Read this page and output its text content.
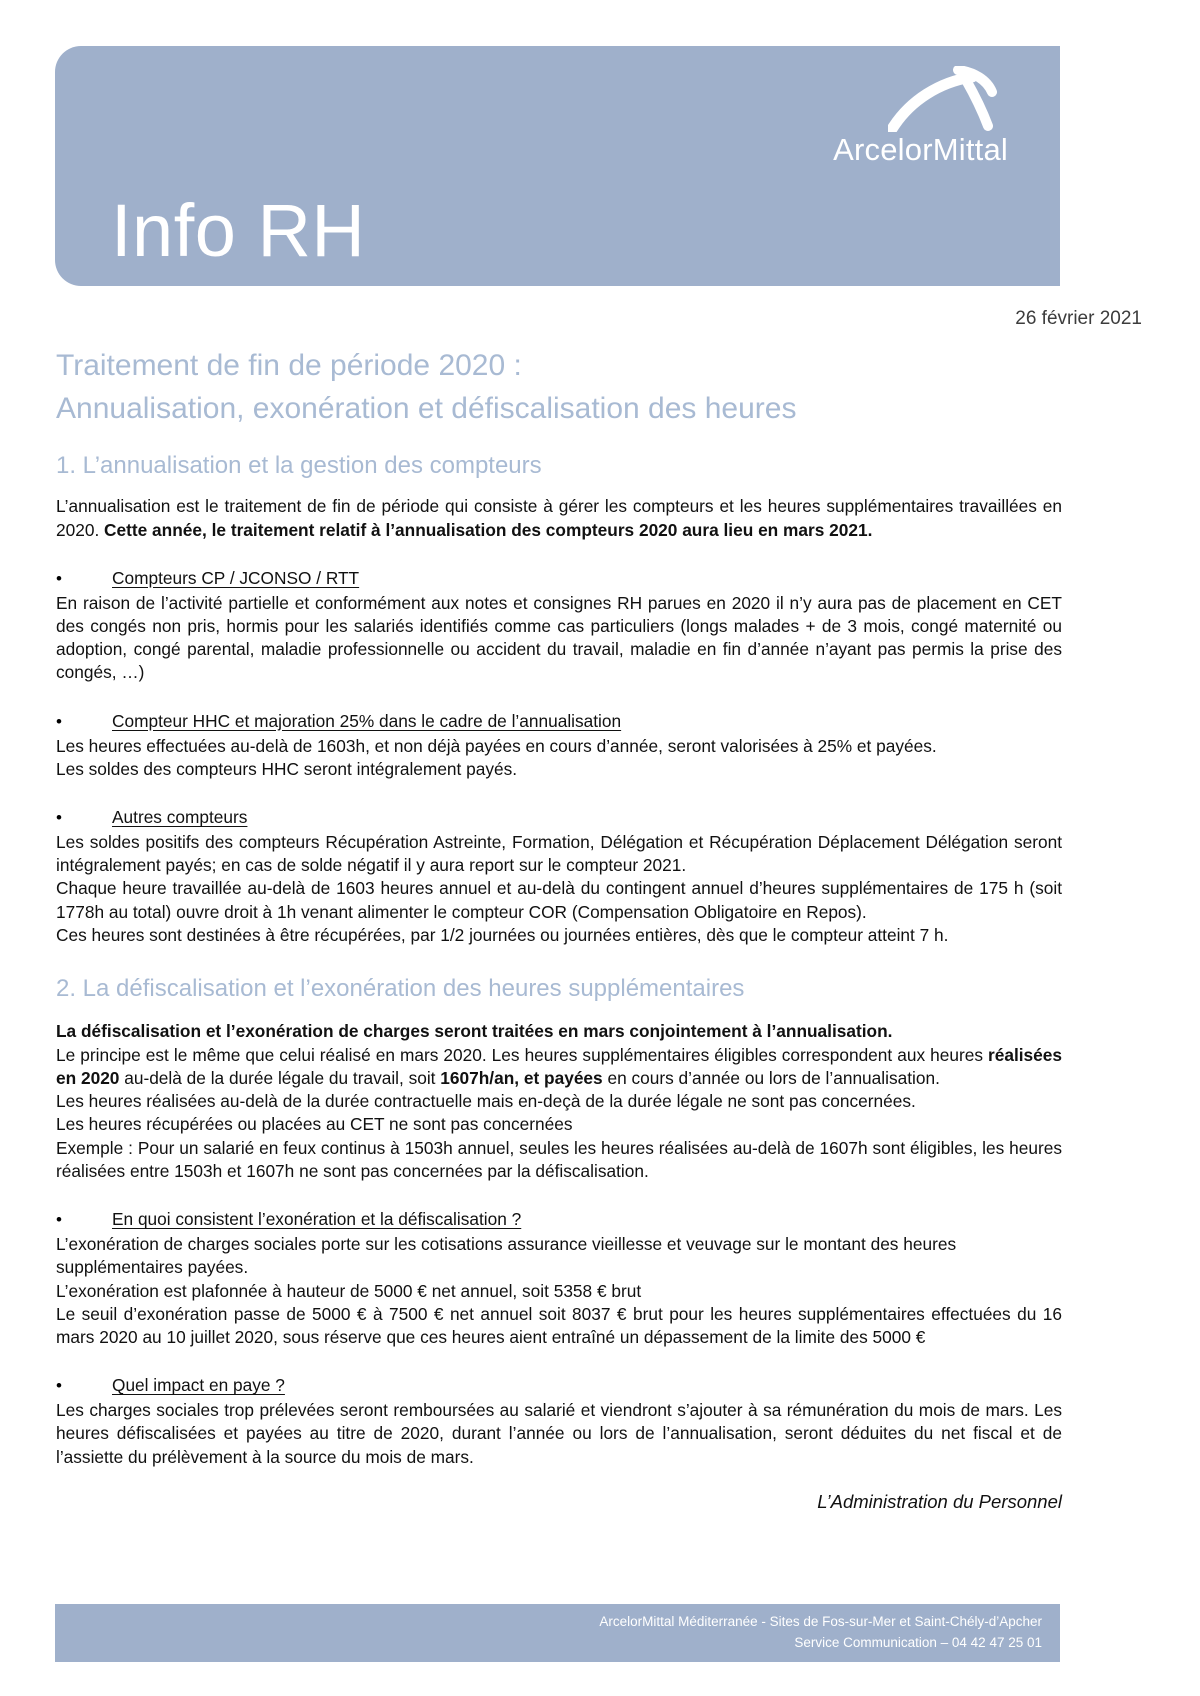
Info RH
ArcelorMittal
26 février 2021
Traitement de fin de période 2020 :
Annualisation, exonération et défiscalisation des heures
1. L’annualisation et la gestion des compteurs

L’annualisation est le traitement de fin de période qui consiste à gérer les compteurs et les heures supplémentaires travaillées en 2020. Cette année, le traitement relatif à l’annualisation des compteurs 2020 aura lieu en mars 2021.

•	Compteurs CP / JCONSO / RTT

En raison de l’activité partielle et conformément aux notes et consignes RH parues en 2020 il n’y aura pas de placement en CET des congés non pris, hormis pour les salariés identifiés comme cas particuliers (longs malades + de 3 mois, congé maternité ou adoption, congé parental, maladie professionnelle ou accident du travail, maladie en fin d’année n’ayant pas permis la prise des congés, …)

•	Compteur HHC et majoration 25% dans le cadre de l’annualisation

Les heures effectuées au-delà de 1603h, et non déjà payées en cours d’année, seront valorisées à 25% et payées.

Les soldes des compteurs HHC seront intégralement payés.

•	Autres compteurs

Les soldes positifs des compteurs Récupération Astreinte, Formation, Délégation et Récupération Déplacement Délégation seront intégralement payés; en cas de solde négatif il y aura report sur le compteur 2021.

Chaque heure travaillée au-delà de 1603 heures annuel et au-delà du contingent annuel d’heures supplémentaires de 175 h (soit 1778h au total) ouvre droit à 1h venant alimenter le compteur COR (Compensation Obligatoire en Repos).

Ces heures sont destinées à être récupérées, par 1/2 journées ou journées entières, dès que le compteur atteint 7 h.

2. La défiscalisation et l’exonération des heures supplémentaires

La défiscalisation et l’exonération de charges seront traitées en mars conjointement à l’annualisation.

Le principe est le même que celui réalisé en mars 2020. Les heures supplémentaires éligibles correspondent aux heures réalisées en 2020 au-delà de la durée légale du travail, soit 1607h/an, et payées en cours d’année ou lors de l’annualisation.

Les heures réalisées au-delà de la durée contractuelle mais en-deçà de la durée légale ne sont pas concernées.

Les heures récupérées ou placées au CET ne sont pas concernées

Exemple : Pour un salarié en feux continus à 1503h annuel, seules les heures réalisées au-delà de 1607h sont éligibles, les heures réalisées entre 1503h et 1607h ne sont pas concernées par la défiscalisation.

•	En quoi consistent l’exonération et la défiscalisation ?

L’exonération de charges sociales porte sur les cotisations assurance vieillesse et veuvage sur le montant des heures supplémentaires payées.

L’exonération est plafonnée à hauteur de 5000 € net annuel, soit 5358 € brut

Le seuil d’exonération passe de 5000 € à 7500 € net annuel soit 8037 € brut pour les heures supplémentaires effectuées du 16 mars 2020 au 10 juillet 2020, sous réserve que ces heures aient entraîné un dépassement de la limite des 5000 €

•	Quel impact en paye ?

Les charges sociales trop prélevées seront remboursées au salarié et viendront s’ajouter à sa rémunération du mois de mars. Les heures défiscalisées et payées au titre de 2020, durant l’année ou lors de l’annualisation, seront déduites du net fiscal et de l’assiette du prélèvement à la source du mois de mars.

L’Administration du Personnel
ArcelorMittal Méditerranée - Sites de Fos-sur-Mer et Saint-Chély-d’Apcher
Service Communication – 04 42 47 25 01
